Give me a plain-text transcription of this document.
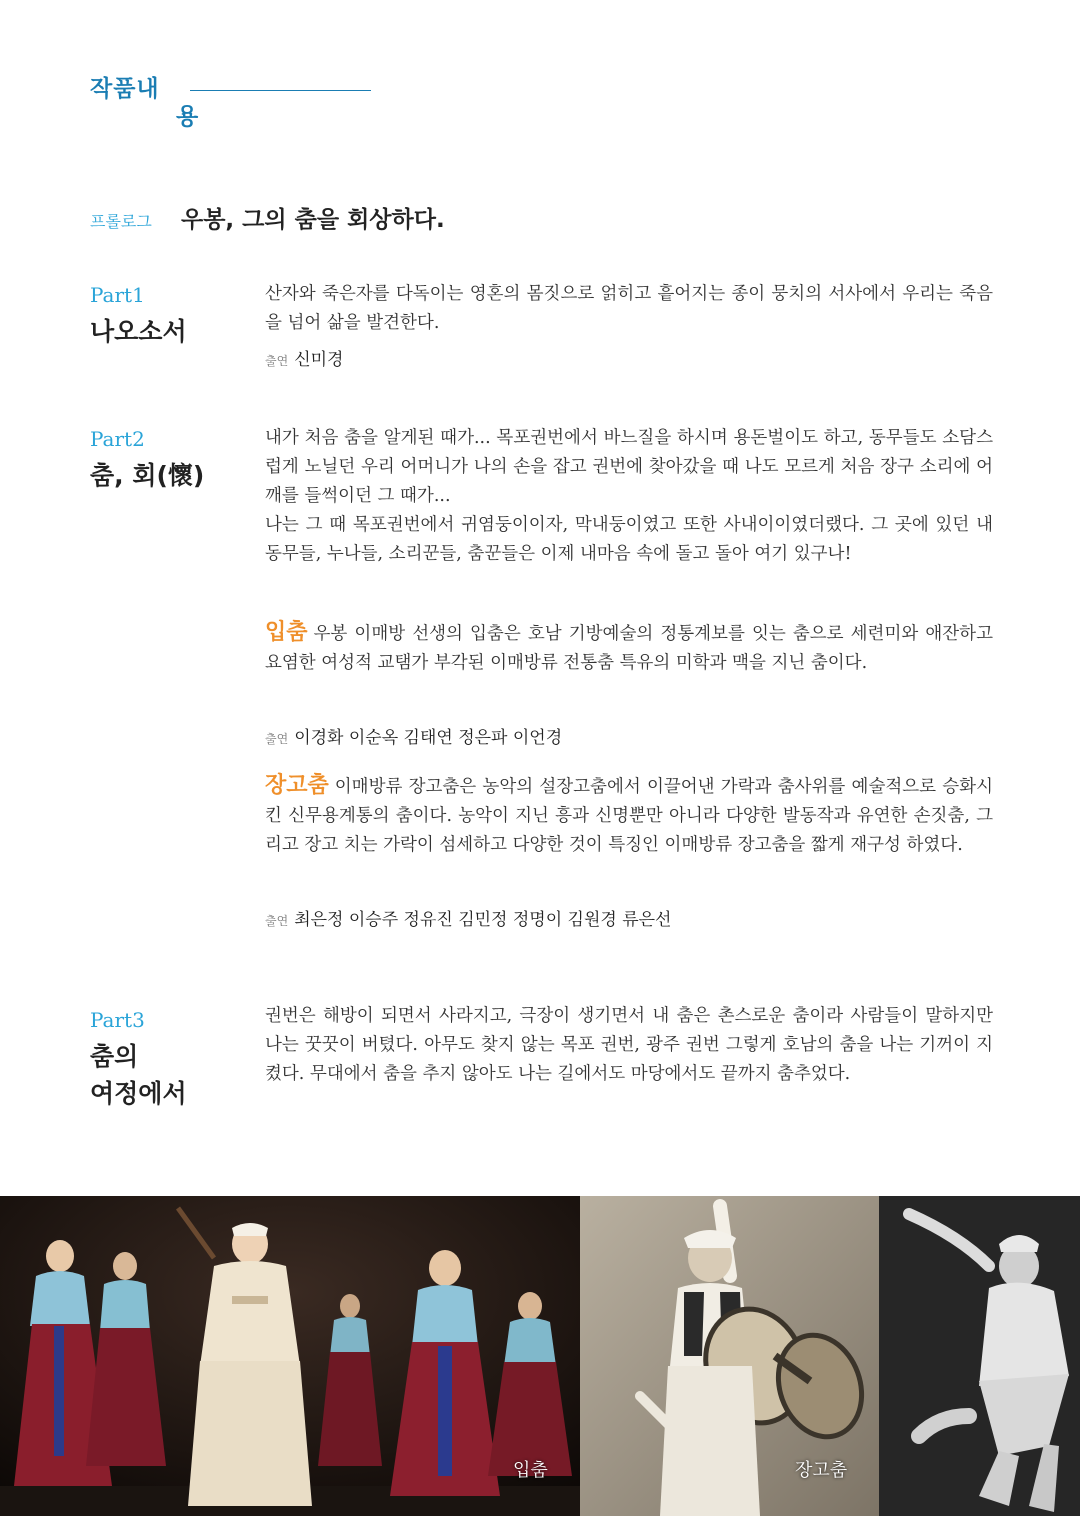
작품내
용
프롤로그 우봉, 그의 춤을 회상하다.
Part1
나오소서

산자와 죽은자를 다독이는 영혼의 몸짓으로 얽히고 흩어지는 종이 뭉치의 서사에서 우리는 죽음을 넘어 삶을 발견한다.

출연 신미경
Part2
춤, 회(懷)

내가 처음 춤을 알게된 때가... 목포권번에서 바느질을 하시며 용돈벌이도 하고, 동무들도 소담스럽게 노닐던 우리 어머니가 나의 손을 잡고 권번에 찾아갔을 때 나도 모르게 처음 장구 소리에 어깨를 들썩이던 그 때가...

나는 그 때 목포권번에서 귀염둥이이자, 막내둥이였고 또한 사내이이였더랬다. 그 곳에 있던 내 동무들, 누나들, 소리꾼들, 춤꾼들은 이제 내마음 속에 돌고 돌아 여기 있구나!

입춤 우봉 이매방 선생의 입춤은 호남 기방예술의 정통계보를 잇는 춤으로 세련미와 애잔하고 요염한 여성적 교탬가 부각된 이매방류 전통춤 특유의 미학과 맥을 지닌 춤이다.

출연 이경화 이순옥 김태연 정은파 이언경

장고춤 이매방류 장고춤은 농악의 설장고춤에서 이끌어낸 가락과 춤사위를 예술적으로 승화시킨 신무용계통의 춤이다. 농악이 지닌 흥과 신명뿐만 아니라 다양한 발동작과 유연한 손짓춤, 그리고 장고 치는 가락이 섬세하고 다양한 것이 특징인 이매방류 장고춤을 짧게 재구성 하였다.

출연 최은정 이승주 정유진 김민정 정명이 김원경 류은선
Part3
춤의
여정에서

권번은 해방이 되면서 사라지고, 극장이 생기면서 내 춤은 촌스로운 춤이라 사람들이 말하지만 나는 꿋꿋이 버텼다. 아무도 찾지 않는 목포 권번, 광주 권번 그렇게 호남의 춤을 나는 기꺼이 지켰다. 무대에서 춤을 추지 않아도 나는 길에서도 마당에서도 끝까지 춤추었다.

입춤	장고춤
